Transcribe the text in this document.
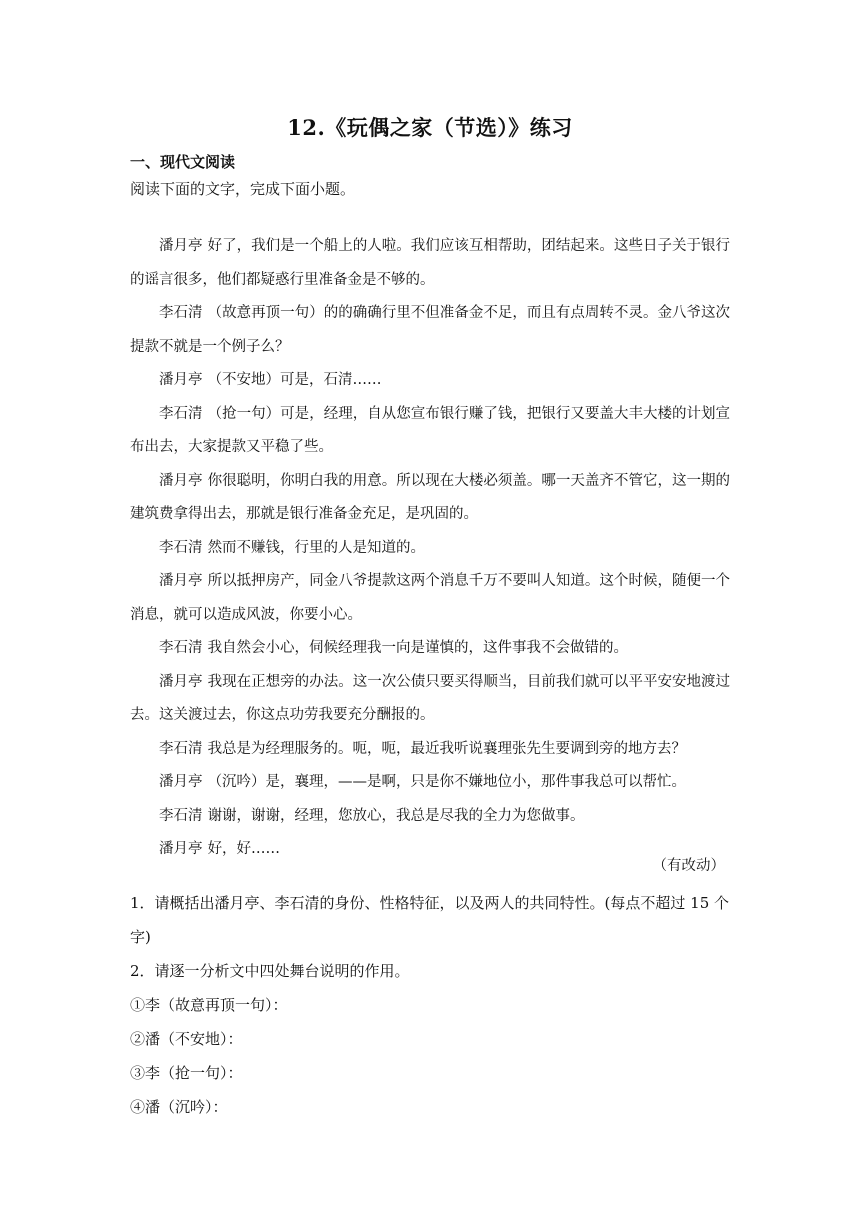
12.《玩偶之家（节选）》练习
一、现代文阅读
阅读下面的文字，完成下面小题。

潘月亭 好了，我们是一个船上的人啦。我们应该互相帮助，团结起来。这些日子关于银行的谣言很多，他们都疑惑行里准备金是不够的。

李石清 （故意再顶一句）的的确确行里不但准备金不足，而且有点周转不灵。金八爷这次提款不就是一个例子么？

潘月亭 （不安地）可是，石清……

李石清 （抢一句）可是，经理，自从您宣布银行赚了钱，把银行又要盖大丰大楼的计划宣布出去，大家提款又平稳了些。

潘月亭 你很聪明，你明白我的用意。所以现在大楼必须盖。哪一天盖齐不管它，这一期的建筑费拿得出去，那就是银行准备金充足，是巩固的。

李石清 然而不赚钱，行里的人是知道的。

潘月亭 所以抵押房产，同金八爷提款这两个消息千万不要叫人知道。这个时候，随便一个消息，就可以造成风波，你要小心。

李石清 我自然会小心，伺候经理我一向是谨慎的，这件事我不会做错的。

潘月亭 我现在正想旁的办法。这一次公债只要买得顺当，目前我们就可以平平安安地渡过去。这关渡过去，你这点功劳我要充分酬报的。

李石清 我总是为经理服务的。呃，呃，最近我听说襄理张先生要调到旁的地方去？

潘月亭 （沉吟）是，襄理，——是啊，只是你不嫌地位小，那件事我总可以帮忙。

李石清 谢谢，谢谢，经理，您放心，我总是尽我的全力为您做事。

潘月亭 好，好……

（有改动）

1．请概括出潘月亭、李石清的身份、性格特征，以及两人的共同特性。(每点不超过 15 个字)

2．请逐一分析文中四处舞台说明的作用。

①李（故意再顶一句）：

②潘（不安地）：

③李（抢一句）：

④潘（沉吟）：
